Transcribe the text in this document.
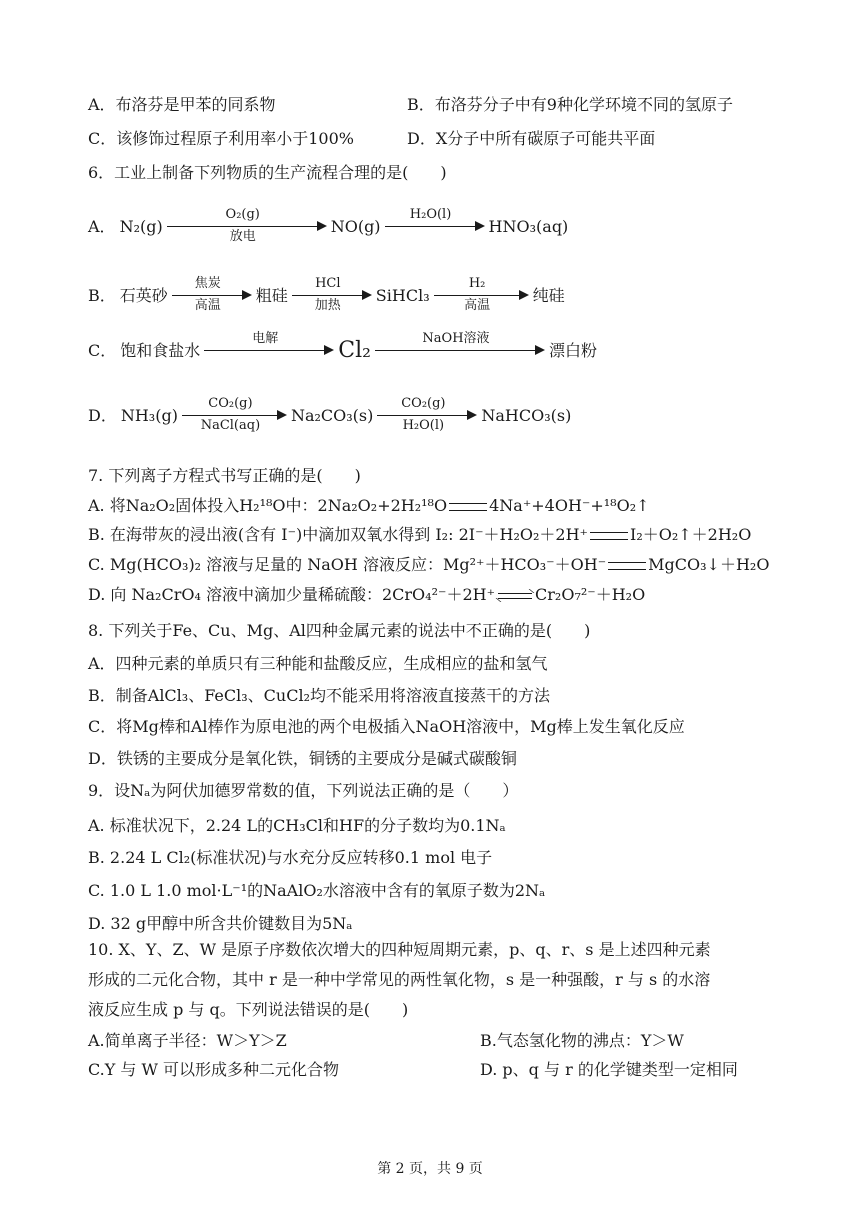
A．布洛芬是甲苯的同系物	B．布洛芬分子中有9种化学环境不同的氢原子
C．该修饰过程原子利用率小于100%	D．X分子中所有碳原子可能共平面
6．工业上制备下列物质的生产流程合理的是(　　)
A． N₂(g)
O₂(g)
放电
NO(g)
H₂O(l)
HNO₃(aq)
B． 石英砂
焦炭
高温
粗硅
HCl
加热
SiHCl₃
H₂
高温
纯硅
C． 饱和食盐水
电解	Cl₂	NaOH溶液
漂白粉
D． NH₃(g)
CO₂(g)
NaCl(aq)
Na₂CO₃(s)
CO₂(g)
H₂O(l)
NaHCO₃(s)
7. 下列离子方程式书写正确的是(　　)
A. 将Na₂O₂固体投入H₂¹⁸O中：2Na₂O₂+2H₂¹⁸O	4Na⁺+4OH⁻+¹⁸O₂↑
B. 在海带灰的浸出液(含有 I⁻)中滴加双氧水得到 I₂: 2I⁻＋H₂O₂＋2H⁺	I₂＋O₂↑＋2H₂O
C. Mg(HCO₃)₂ 溶液与足量的 NaOH 溶液反应：Mg²⁺＋HCO₃⁻＋OH⁻	MgCO₃↓＋H₂O
D. 向 Na₂CrO₄ 溶液中滴加少量稀硫酸：2CrO₄²⁻＋2H⁺	Cr₂O₇²⁻＋H₂O
8. 下列关于Fe、Cu、Mg、Al四种金属元素的说法中不正确的是(　　)
A．四种元素的单质只有三种能和盐酸反应，生成相应的盐和氢气
B．制备AlCl₃、FeCl₃、CuCl₂均不能采用将溶液直接蒸干的方法
C．将Mg棒和Al棒作为原电池的两个电极插入NaOH溶液中，Mg棒上发生氧化反应
D．铁锈的主要成分是氧化铁，铜锈的主要成分是碱式碳酸铜
9．设Nₐ为阿伏加德罗常数的值，下列说法正确的是（　　）
A. 标准状况下，2.24 L的CH₃Cl和HF的分子数均为0.1Nₐ
B. 2.24 L Cl₂(标准状况)与水充分反应转移0.1 mol 电子
C. 1.0 L 1.0 mol·L⁻¹的NaAlO₂水溶液中含有的氧原子数为2Nₐ
D. 32 g甲醇中所含共价键数目为5Nₐ
10. X、Y、Z、W 是原子序数依次增大的四种短周期元素，p、q、r、s 是上述四种元素
形成的二元化合物，其中 r 是一种中学常见的两性氧化物，s 是一种强酸，r 与 s 的水溶
液反应生成 p 与 q。下列说法错误的是(　　)
A.简单离子半径：W＞Y＞Z	B.气态氢化物的沸点：Y＞W
C.Y 与 W 可以形成多种二元化合物	D. p、q 与 r 的化学键类型一定相同
第 2 页，共 9 页
